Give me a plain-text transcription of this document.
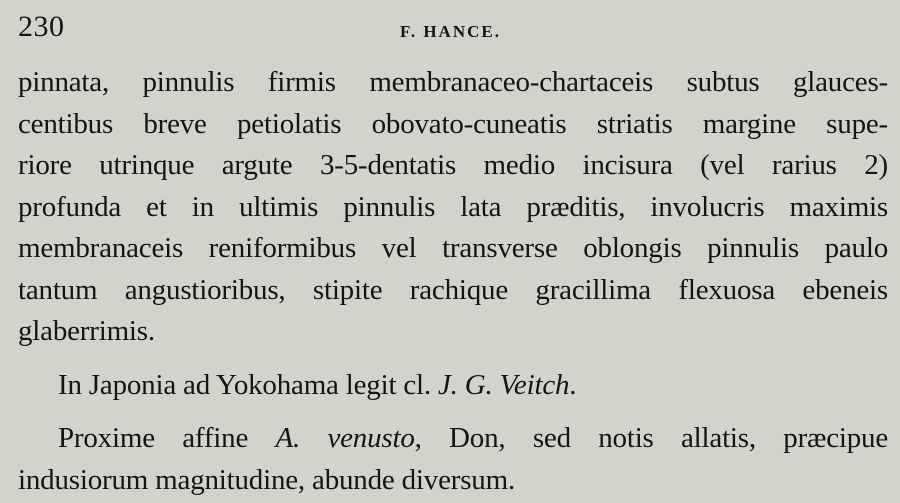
230	F. HANCE.

pinnata, pinnulis firmis membranaceo-chartaceis subtus glauces-
centibus breve petiolatis obovato-cuneatis striatis margine supe-
riore utrinque argute 3-5-dentatis medio incisura (vel rarius 2)
profunda et in ultimis pinnulis lata præditis, involucris maximis
membranaceis reniformibus vel transverse oblongis pinnulis paulo
tantum angustioribus, stipite rachique gracillima flexuosa ebeneis
glaberrimis.

In Japonia ad Yokohama legit cl. J. G. Veitch.

Proxime affine A. venusto, Don, sed notis allatis, præcipue
indusiorum magnitudine, abunde diversum.
